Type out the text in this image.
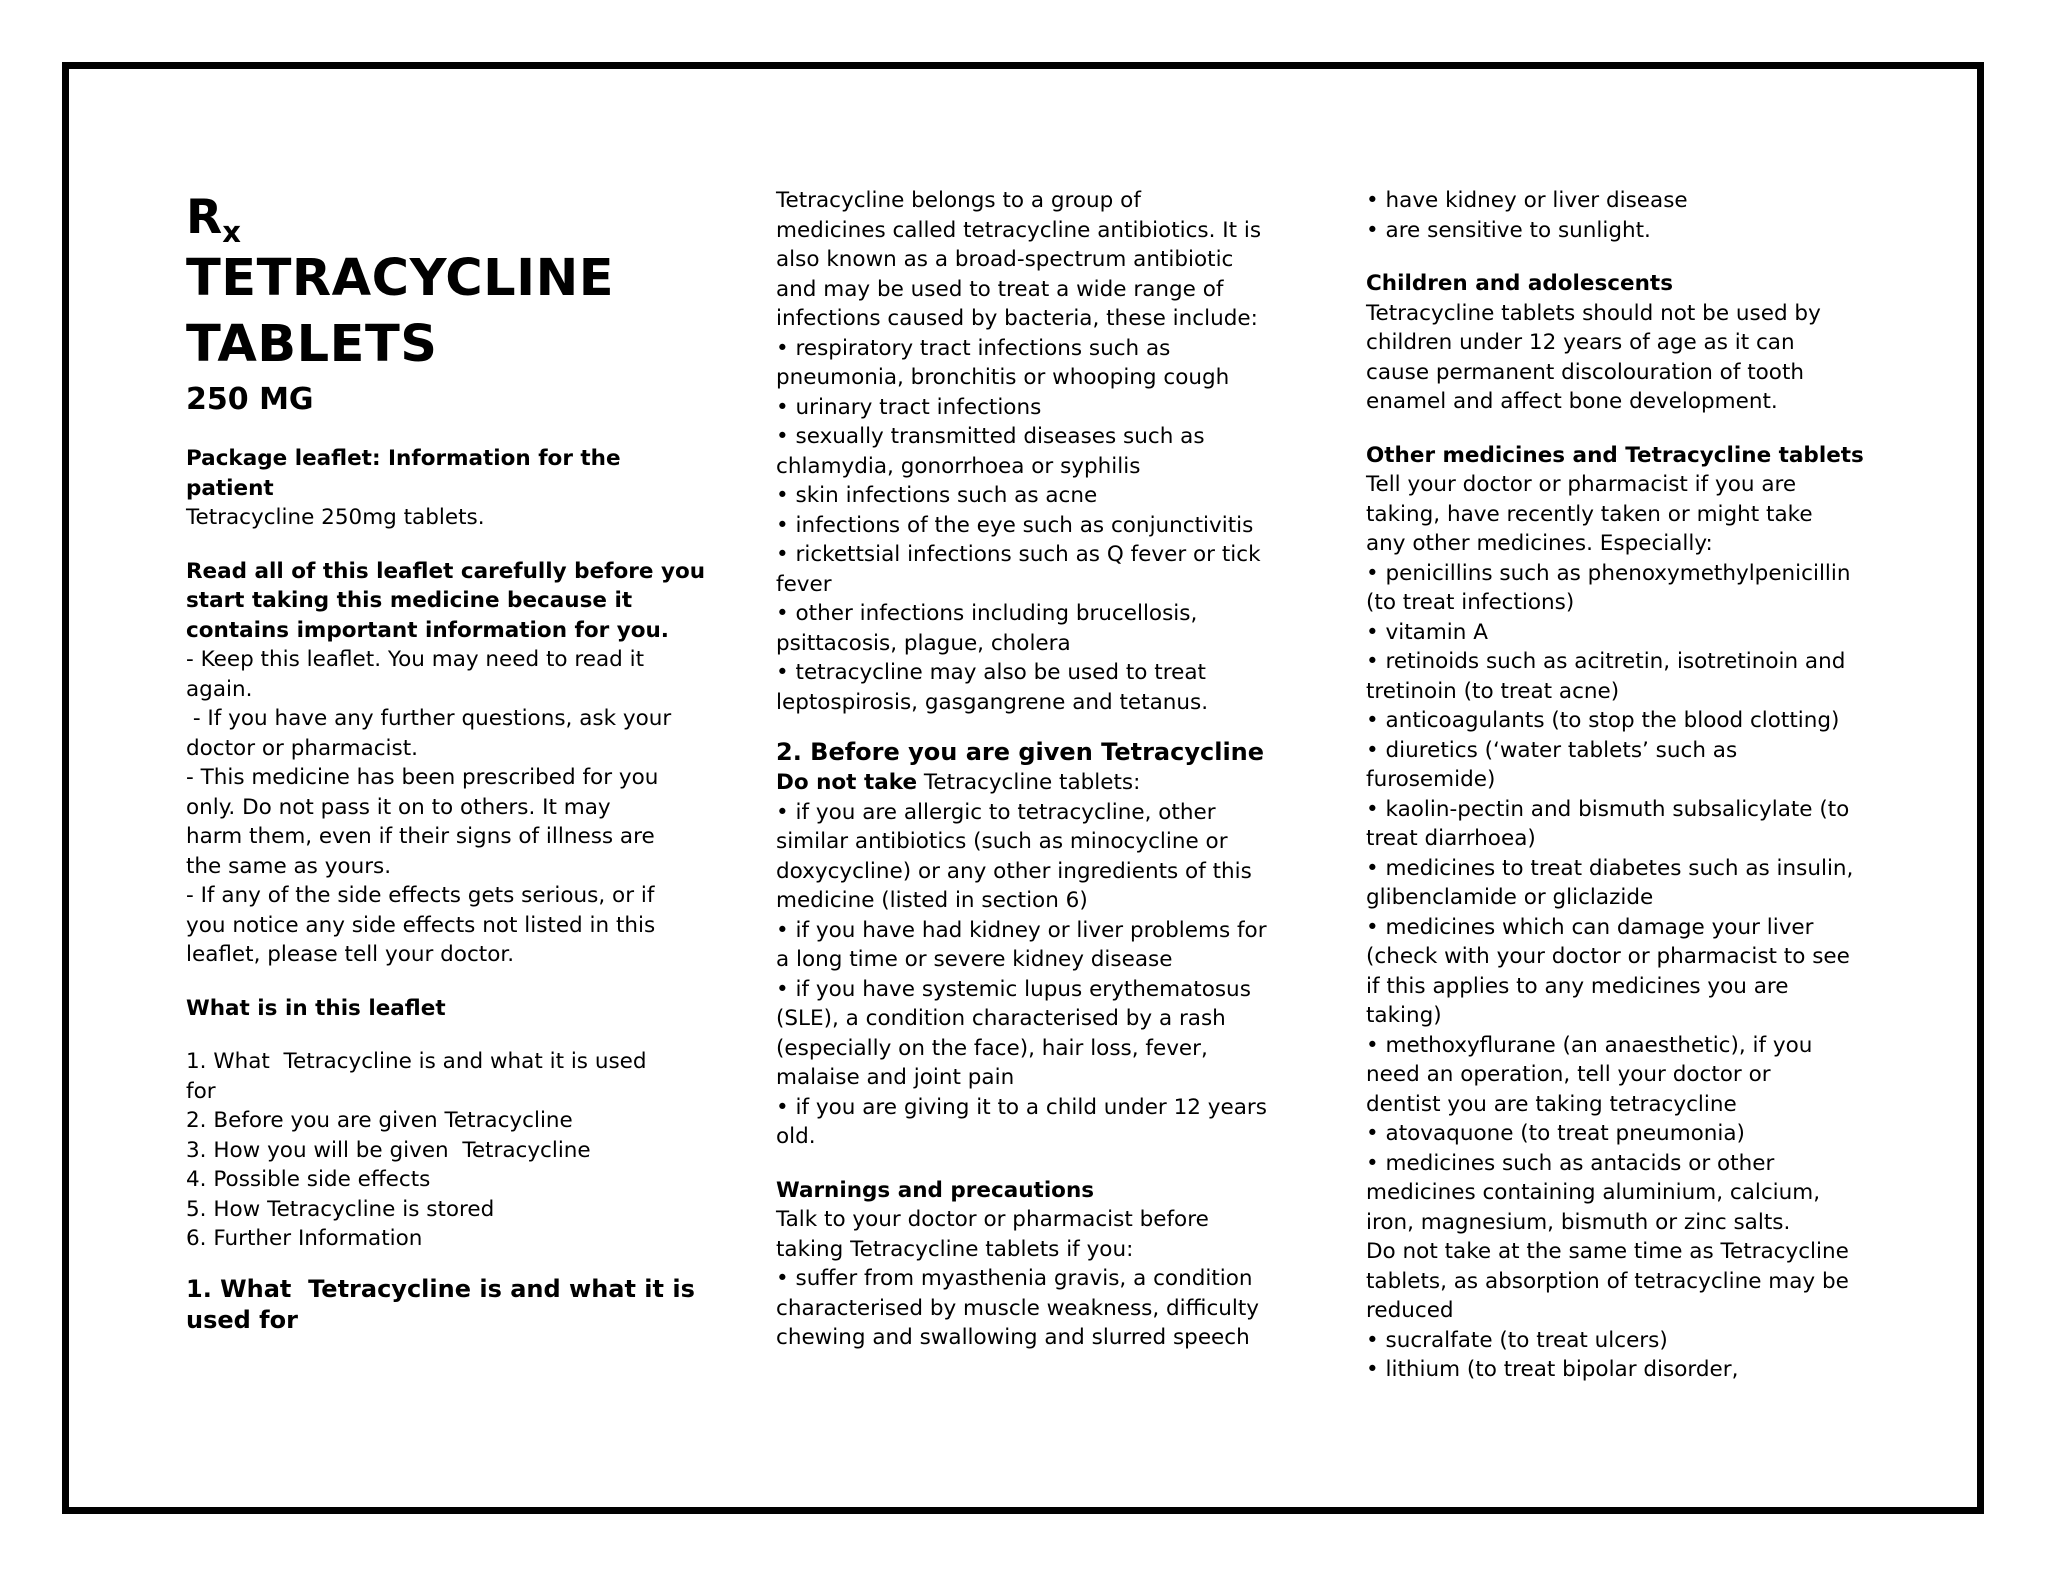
$R_x$
TETRACYCLINE
TABLETS
250 MG
Package leaflet: Information for the
patient
Tetracycline 250mg tablets.
Read all of this leaflet carefully before you
start taking this medicine because it
contains important information for you.
- Keep this leaflet. You may need to read it
again.
- If you have any further questions, ask your
doctor or pharmacist.
- This medicine has been prescribed for you
only. Do not pass it on to others. It may
harm them, even if their signs of illness are
the same as yours.
- If any of the side effects gets serious, or if
you notice any side effects not listed in this
leaflet, please tell your doctor.
What is in this leaflet
1. What  Tetracycline is and what it is used
for
2. Before you are given Tetracycline
3. How you will be given  Tetracycline
4. Possible side effects
5. How Tetracycline is stored
6. Further Information
1. What  Tetracycline is and what it is
used for
Tetracycline belongs to a group of
medicines called tetracycline antibiotics. It is
also known as a broad-spectrum antibiotic
and may be used to treat a wide range of
infections caused by bacteria, these include:
• respiratory tract infections such as
pneumonia, bronchitis or whooping cough
• urinary tract infections
• sexually transmitted diseases such as
chlamydia, gonorrhoea or syphilis
• skin infections such as acne
• infections of the eye such as conjunctivitis
• rickettsial infections such as Q fever or tick
fever
• other infections including brucellosis,
psittacosis, plague, cholera
• tetracycline may also be used to treat
leptospirosis, gasgangrene and tetanus.
2. Before you are given Tetracycline
Do not take Tetracycline tablets:
• if you are allergic to tetracycline, other
similar antibiotics (such as minocycline or
doxycycline) or any other ingredients of this
medicine (listed in section 6)
• if you have had kidney or liver problems for
a long time or severe kidney disease
• if you have systemic lupus erythematosus
(SLE), a condition characterised by a rash
(especially on the face), hair loss, fever,
malaise and joint pain
• if you are giving it to a child under 12 years
old.
Warnings and precautions
Talk to your doctor or pharmacist before
taking Tetracycline tablets if you:
• suffer from myasthenia gravis, a condition
characterised by muscle weakness, difficulty
chewing and swallowing and slurred speech
• have kidney or liver disease
• are sensitive to sunlight.
Children and adolescents
Tetracycline tablets should not be used by
children under 12 years of age as it can
cause permanent discolouration of tooth
enamel and affect bone development.
Other medicines and Tetracycline tablets
Tell your doctor or pharmacist if you are
taking, have recently taken or might take
any other medicines. Especially:
• penicillins such as phenoxymethylpenicillin
(to treat infections)
• vitamin A
• retinoids such as acitretin, isotretinoin and
tretinoin (to treat acne)
• anticoagulants (to stop the blood clotting)
• diuretics (‘water tablets’ such as
furosemide)
• kaolin-pectin and bismuth subsalicylate (to
treat diarrhoea)
• medicines to treat diabetes such as insulin,
glibenclamide or gliclazide
• medicines which can damage your liver
(check with your doctor or pharmacist to see
if this applies to any medicines you are
taking)
• methoxyflurane (an anaesthetic), if you
need an operation, tell your doctor or
dentist you are taking tetracycline
• atovaquone (to treat pneumonia)
• medicines such as antacids or other
medicines containing aluminium, calcium,
iron, magnesium, bismuth or zinc salts.
Do not take at the same time as Tetracycline
tablets, as absorption of tetracycline may be
reduced
• sucralfate (to treat ulcers)
• lithium (to treat bipolar disorder,
